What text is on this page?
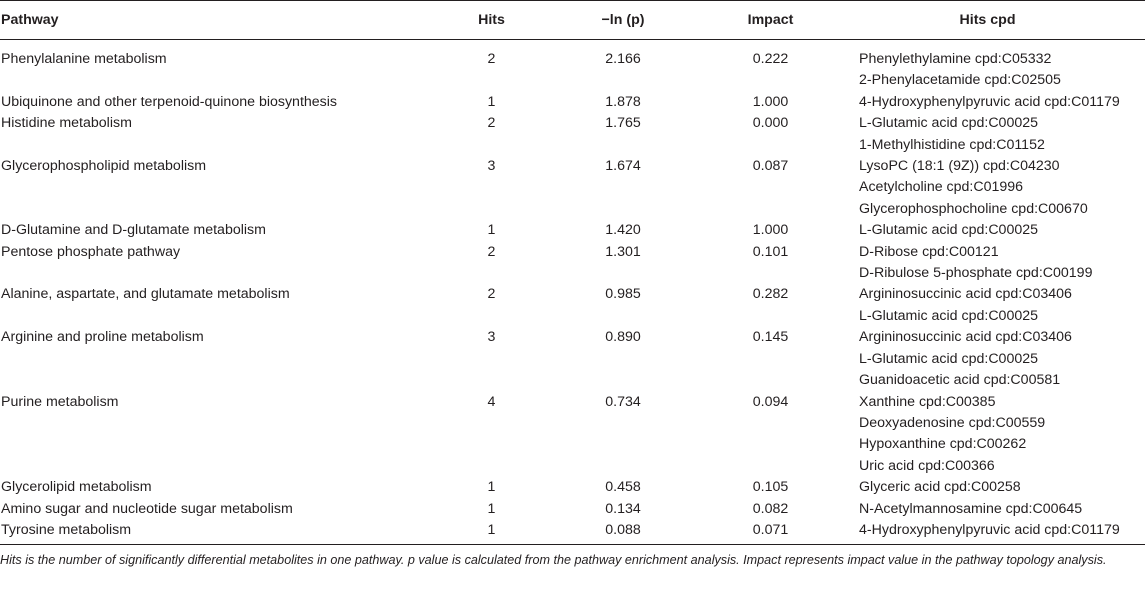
Pathway	Hits	−ln (p)	Impact	Hits cpd
Phenylalanine metabolism	2	2.166	0.222	Phenylethylamine cpd:C05332
2-Phenylacetamide cpd:C02505

Ubiquinone and other terpenoid-quinone biosynthesis	1	1.878	1.000	4-Hydroxyphenylpyruvic acid cpd:C01179

Histidine metabolism	2	1.765	0.000	L-Glutamic acid cpd:C00025
1-Methylhistidine cpd:C01152

Glycerophospholipid metabolism	3	1.674	0.087	LysoPC (18:1 (9Z)) cpd:C04230
Acetylcholine cpd:C01996
Glycerophosphocholine cpd:C00670

D-Glutamine and D-glutamate metabolism	1	1.420	1.000	L-Glutamic acid cpd:C00025

Pentose phosphate pathway	2	1.301	0.101	D-Ribose cpd:C00121
D-Ribulose 5-phosphate cpd:C00199

Alanine, aspartate, and glutamate metabolism	2	0.985	0.282	Argininosuccinic acid cpd:C03406
L-Glutamic acid cpd:C00025

Arginine and proline metabolism	3	0.890	0.145	Argininosuccinic acid cpd:C03406
L-Glutamic acid cpd:C00025
Guanidoacetic acid cpd:C00581

Purine metabolism	4	0.734	0.094	Xanthine cpd:C00385
Deoxyadenosine cpd:C00559
Hypoxanthine cpd:C00262
Uric acid cpd:C00366

Glycerolipid metabolism	1	0.458	0.105	Glyceric acid cpd:C00258

Amino sugar and nucleotide sugar metabolism	1	0.134	0.082	N-Acetylmannosamine cpd:C00645

Tyrosine metabolism	1	0.088	0.071	4-Hydroxyphenylpyruvic acid cpd:C01179
Hits is the number of significantly differential metabolites in one pathway. p value is calculated from the pathway enrichment analysis. Impact represents impact value in the pathway topology analysis.
